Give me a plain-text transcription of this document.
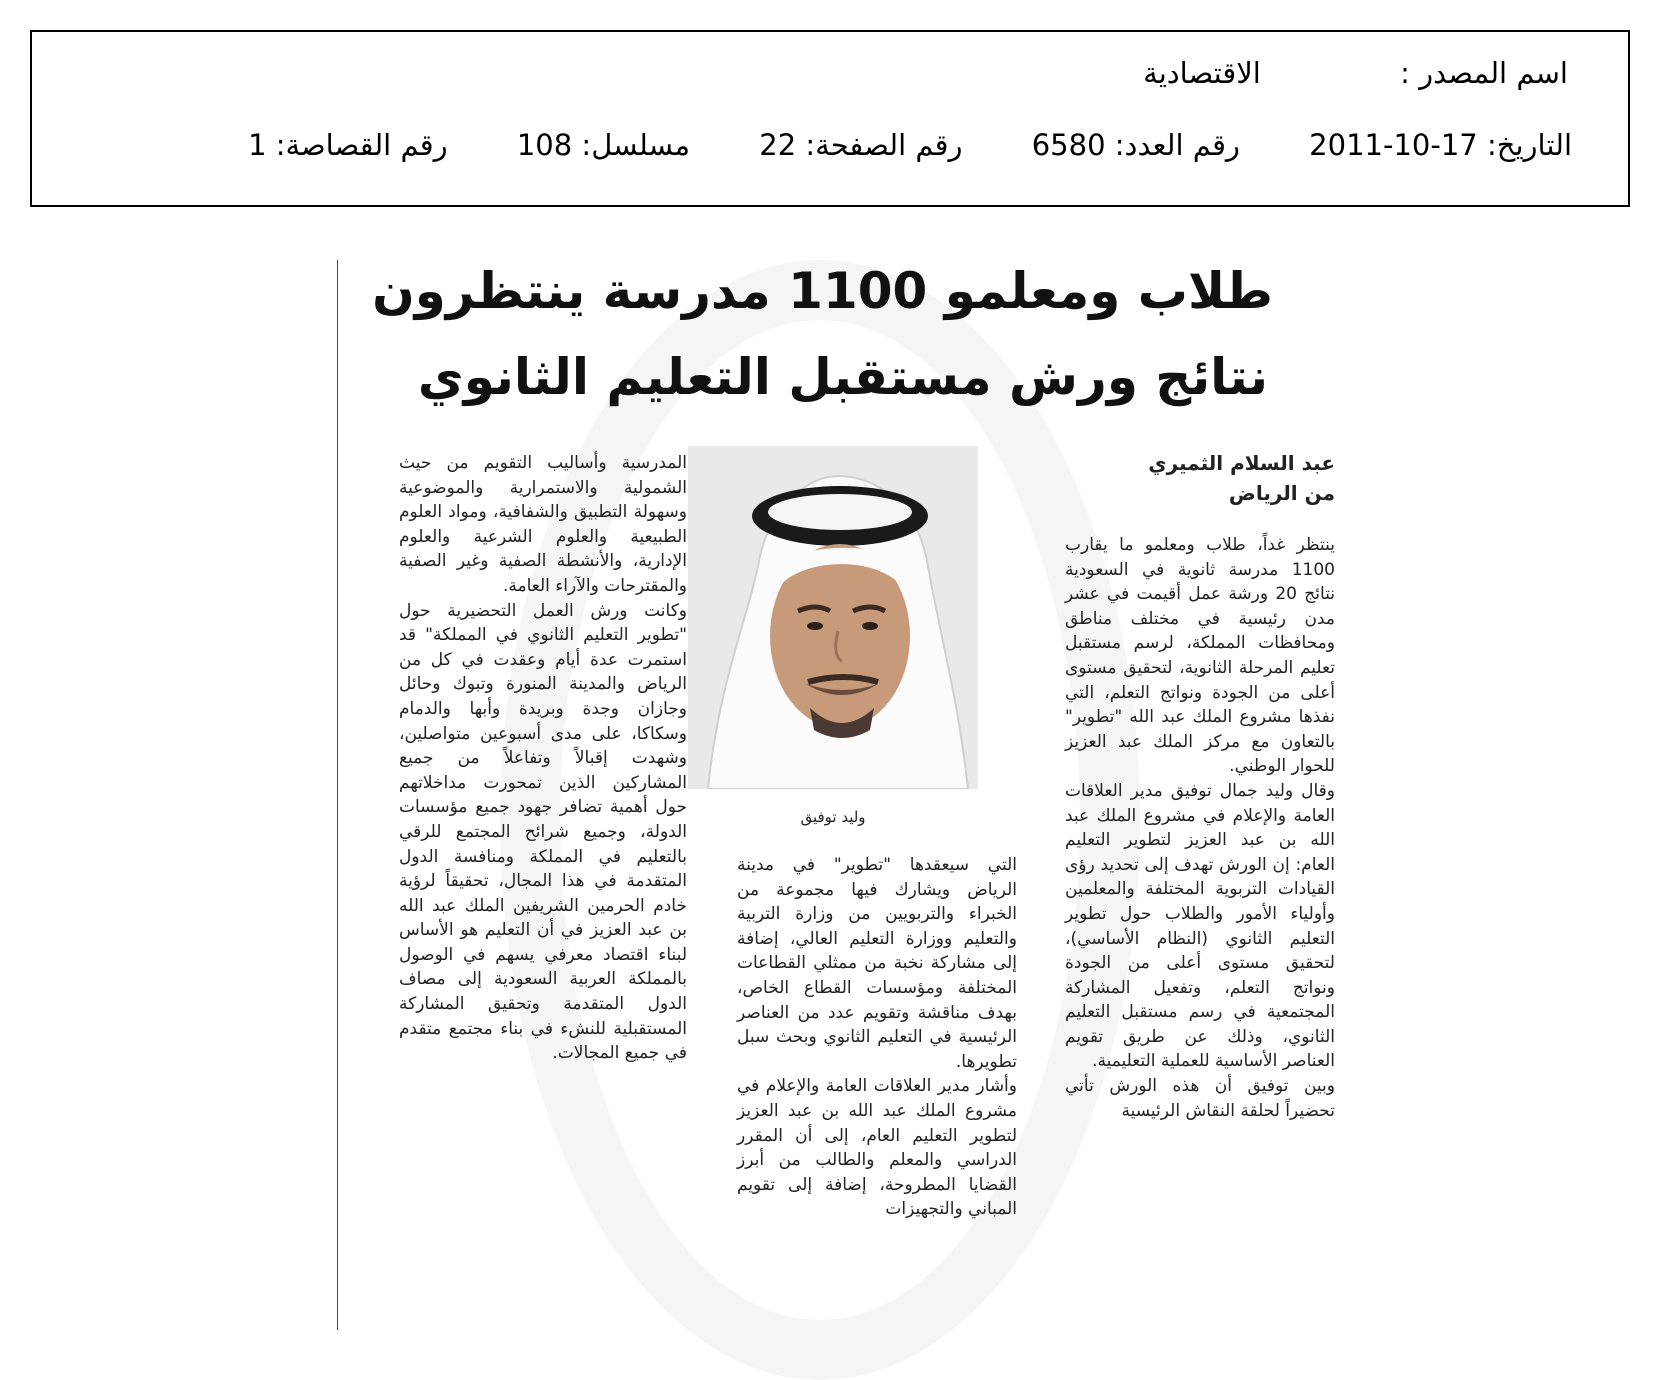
اسم المصدر : الاقتصادية
التاريخ: 17-10-2011 رقم العدد: 6580 رقم الصفحة: 22 مسلسل: 108 رقم القصاصة: 1
طلاب ومعلمو 1100 مدرسة ينتظرون
نتائج ورش مستقبل التعليم الثانوي
عبد السلام الثميري
من الرياض

ينتظر غداً، طلاب ومعلمو ما يقارب 1100 مدرسة ثانوية في السعودية نتائج 20 ورشة عمل أقيمت في عشر مدن رئيسية في مختلف مناطق ومحافظات المملكة، لرسم مستقبل تعليم المرحلة الثانوية، لتحقيق مستوى أعلى من الجودة ونواتج التعلم، التي نفذها مشروع الملك عبد الله "تطوير" بالتعاون مع مركز الملك عبد العزيز للحوار الوطني.

وقال وليد جمال توفيق مدير العلاقات العامة والإعلام في مشروع الملك عبد الله بن عبد العزيز لتطوير التعليم العام: إن الورش تهدف إلى تحديد رؤى القيادات التربوية المختلفة والمعلمين وأولياء الأمور والطلاب حول تطوير التعليم الثانوي (النظام الأساسي)، لتحقيق مستوى أعلى من الجودة ونواتج التعلم، وتفعيل المشاركة المجتمعية في رسم مستقبل التعليم الثانوي، وذلك عن طريق تقويم العناصر الأساسية للعملية التعليمية.

وبين توفيق أن هذه الورش تأتي تحضيراً لحلقة النقاش الرئيسية

وليد توفيق

التي سيعقدها "تطوير" في مدينة الرياض ويشارك فيها مجموعة من الخبراء والتربويين من وزارة التربية والتعليم ووزارة التعليم العالي، إضافة إلى مشاركة نخبة من ممثلي القطاعات المختلفة ومؤسسات القطاع الخاص، بهدف مناقشة وتقويم عدد من العناصر الرئيسية في التعليم الثانوي وبحث سبل تطويرها.

وأشار مدير العلاقات العامة والإعلام في مشروع الملك عبد الله بن عبد العزيز لتطوير التعليم العام، إلى أن المقرر الدراسي والمعلم والطالب من أبرز القضايا المطروحة، إضافة إلى تقويم المباني والتجهيزات

المدرسية وأساليب التقويم من حيث الشمولية والاستمرارية والموضوعية وسهولة التطبيق والشفافية، ومواد العلوم الطبيعية والعلوم الشرعية والعلوم الإدارية، والأنشطة الصفية وغير الصفية والمقترحات والآراء العامة.

وكانت ورش العمل التحضيرية حول "تطوير التعليم الثانوي في المملكة" قد استمرت عدة أيام وعقدت في كل من الرياض والمدينة المنورة وتبوك وحائل وجازان وجدة وبريدة وأبها والدمام وسكاكا، على مدى أسبوعين متواصلين، وشهدت إقبالاً وتفاعلاً من جميع المشاركين الذين تمحورت مداخلاتهم حول أهمية تضافر جهود جميع مؤسسات الدولة، وجميع شرائح المجتمع للرقي بالتعليم في المملكة ومنافسة الدول المتقدمة في هذا المجال، تحقيقاً لرؤية خادم الحرمين الشريفين الملك عبد الله بن عبد العزيز في أن التعليم هو الأساس لبناء اقتصاد معرفي يسهم في الوصول بالمملكة العربية السعودية إلى مصاف الدول المتقدمة وتحقيق المشاركة المستقبلية للنشء في بناء مجتمع متقدم في جميع المجالات.
